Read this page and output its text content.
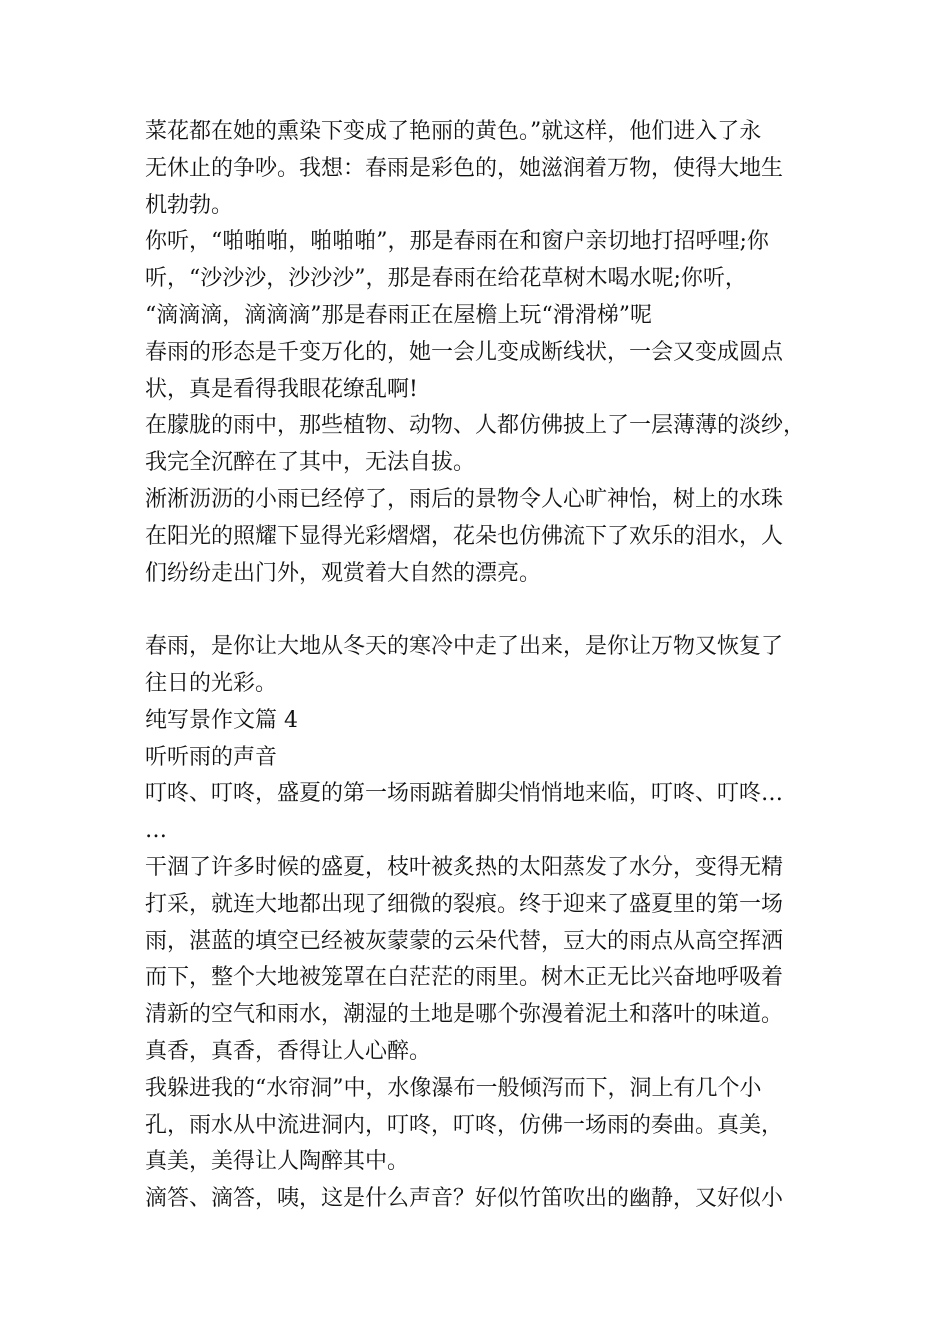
菜花都在她的熏染下变成了艳丽的黄色。”就这样，他们进入了永

无休止的争吵。我想：春雨是彩色的，她滋润着万物，使得大地生

机勃勃。

你听，“啪啪啪，啪啪啪”，那是春雨在和窗户亲切地打招呼哩;你

听，“沙沙沙，沙沙沙”，那是春雨在给花草树木喝水呢;你听，

“滴滴滴，滴滴滴”那是春雨正在屋檐上玩“滑滑梯”呢

春雨的形态是千变万化的，她一会儿变成断线状，一会又变成圆点

状，真是看得我眼花缭乱啊!

在朦胧的雨中，那些植物、动物、人都仿佛披上了一层薄薄的淡纱，

我完全沉醉在了其中，无法自拔。

淅淅沥沥的小雨已经停了，雨后的景物令人心旷神怡，树上的水珠

在阳光的照耀下显得光彩熠熠，花朵也仿佛流下了欢乐的泪水，人

们纷纷走出门外，观赏着大自然的漂亮。

春雨，是你让大地从冬天的寒冷中走了出来，是你让万物又恢复了

往日的光彩。

纯写景作文篇 4

听听雨的声音

叮咚、叮咚，盛夏的第一场雨踮着脚尖悄悄地来临，叮咚、叮咚…

…

干涸了许多时候的盛夏，枝叶被炙热的太阳蒸发了水分，变得无精

打采，就连大地都出现了细微的裂痕。终于迎来了盛夏里的第一场

雨，湛蓝的填空已经被灰蒙蒙的云朵代替，豆大的雨点从高空挥洒

而下，整个大地被笼罩在白茫茫的雨里。树木正无比兴奋地呼吸着

清新的空气和雨水，潮湿的土地是哪个弥漫着泥土和落叶的味道。

真香，真香，香得让人心醉。

我躲进我的“水帘洞”中，水像瀑布一般倾泻而下，洞上有几个小

孔，雨水从中流进洞内，叮咚，叮咚，仿佛一场雨的奏曲。真美，

真美，美得让人陶醉其中。

滴答、滴答，咦，这是什么声音？好似竹笛吹出的幽静，又好似小
